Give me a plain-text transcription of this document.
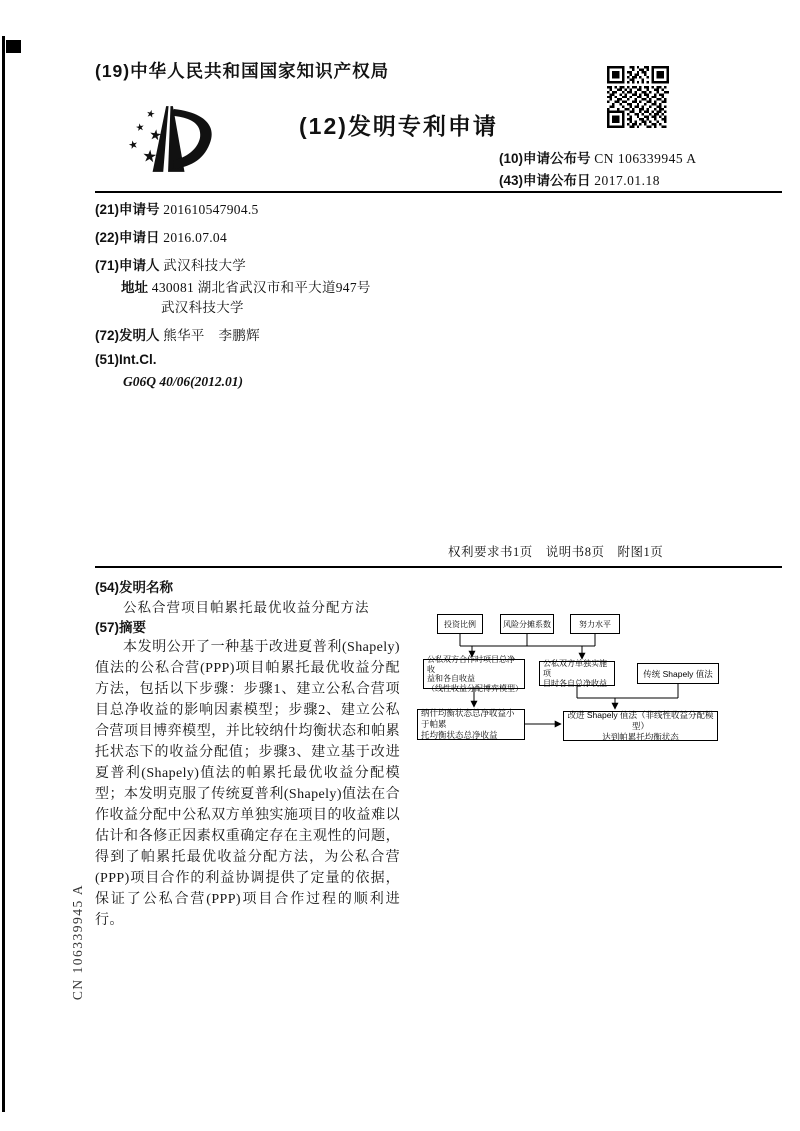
(19)中华人民共和国国家知识产权局
(12)发明专利申请
(10)申请公布号 CN 106339945 A
(43)申请公布日 2017.01.18
(21)申请号 201610547904.5
(22)申请日 2016.07.04
(71)申请人 武汉科技大学
地址 430081 湖北省武汉市和平大道947号
武汉科技大学
(72)发明人 熊华平　李鹏辉
(51)Int.Cl.
G06Q 40/06(2012.01)
权利要求书1页　说明书8页　附图1页
(54)发明名称
公私合营项目帕累托最优收益分配方法
(57)摘要
本发明公开了一种基于改进夏普利(Shapely)值法的公私合营(PPP)项目帕累托最优收益分配方法，包括以下步骤：步骤1、建立公私合营项目总净收益的影响因素模型；步骤2、建立公私合营项目博弈模型，并比较纳什均衡状态和帕累托状态下的收益分配值；步骤3、建立基于改进夏普利(Shapely)值法的帕累托最优收益分配模型；本发明克服了传统夏普利(Shapely)值法在合作收益分配中公私双方单独实施项目的收益难以估计和各修正因素权重确定存在主观性的问题，得到了帕累托最优收益分配方法，为公私合营(PPP)项目合作的利益协调提供了定量的依据，保证了公私合营(PPP)项目合作过程的顺利进行。
CN 106339945 A
投资比例	风险分摊系数	努力水平
公私双方合作时项目总净收
益和各自收益
（线性收益分配博弈模型）
公私双方单独实施项
目时各自总净收益
传统 Shapely 值法
纳什均衡状态总净收益小于帕累
托均衡状态总净收益
改进 Shapely 值法（非线性收益分配模型）
达到帕累托均衡状态
